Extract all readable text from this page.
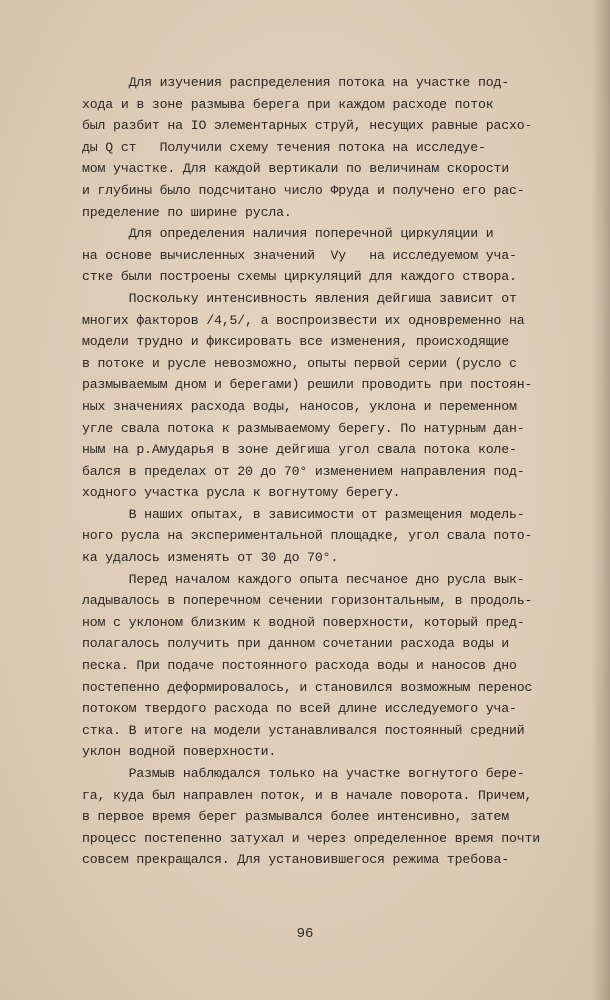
Для изучения распределения потока на участке под-
хода и в зоне размыва берега при каждом расходе поток
был разбит на IO элементарных струй, несущих равные расхо-
ды Q ст   Получили схему течения потока на исследуе-
мом участке. Для каждой вертикали по величинам скорости
и глубины было подсчитано число Фруда и получено его рас-
пределение по ширине русла.
Для определения наличия поперечной циркуляции и
на основе вычисленных значений  Vy   на исследуемом уча-
стке были построены схемы циркуляций для каждого створа.
Поскольку интенсивность явления дейгиша зависит от
многих факторов /4,5/, а воспроизвести их одновременно на
модели трудно и фиксировать все изменения, происходящие
в потоке и русле невозможно, опыты первой серии (русло с
размываемым дном и берегами) решили проводить при постоян-
ных значениях расхода воды, наносов, уклона и переменном
угле свала потока к размываемому берегу. По натурным дан-
ным на р.Амударья в зоне дейгиша угол свала потока коле-
бался в пределах от 20 до 70° изменением направления под-
ходного участка русла к вогнутому берегу.
В наших опытах, в зависимости от размещения модель-
ного русла на экспериментальной площадке, угол свала пото-
ка удалось изменять от 30 до 70°.
Перед началом каждого опыта песчаное дно русла вык-
ладывалось в поперечном сечении горизонтальным, в продоль-
ном с уклоном близким к водной поверхности, который пред-
полагалось получить при данном сочетании расхода воды и
песка. При подаче постоянного расхода воды и наносов дно
постепенно деформировалось, и становился возможным перенос
потоком твердого расхода по всей длине исследуемого уча-
стка. В итоге на модели устанавливался постоянный средний
уклон водной поверхности.
Размыв наблюдался только на участке вогнутого бере-
га, куда был направлен поток, и в начале поворота. Причем,
в первое время берег размывался более интенсивно, затем
процесс постепенно затухал и через определенное время почти
совсем прекращался. Для установившегося режима требова-
96
